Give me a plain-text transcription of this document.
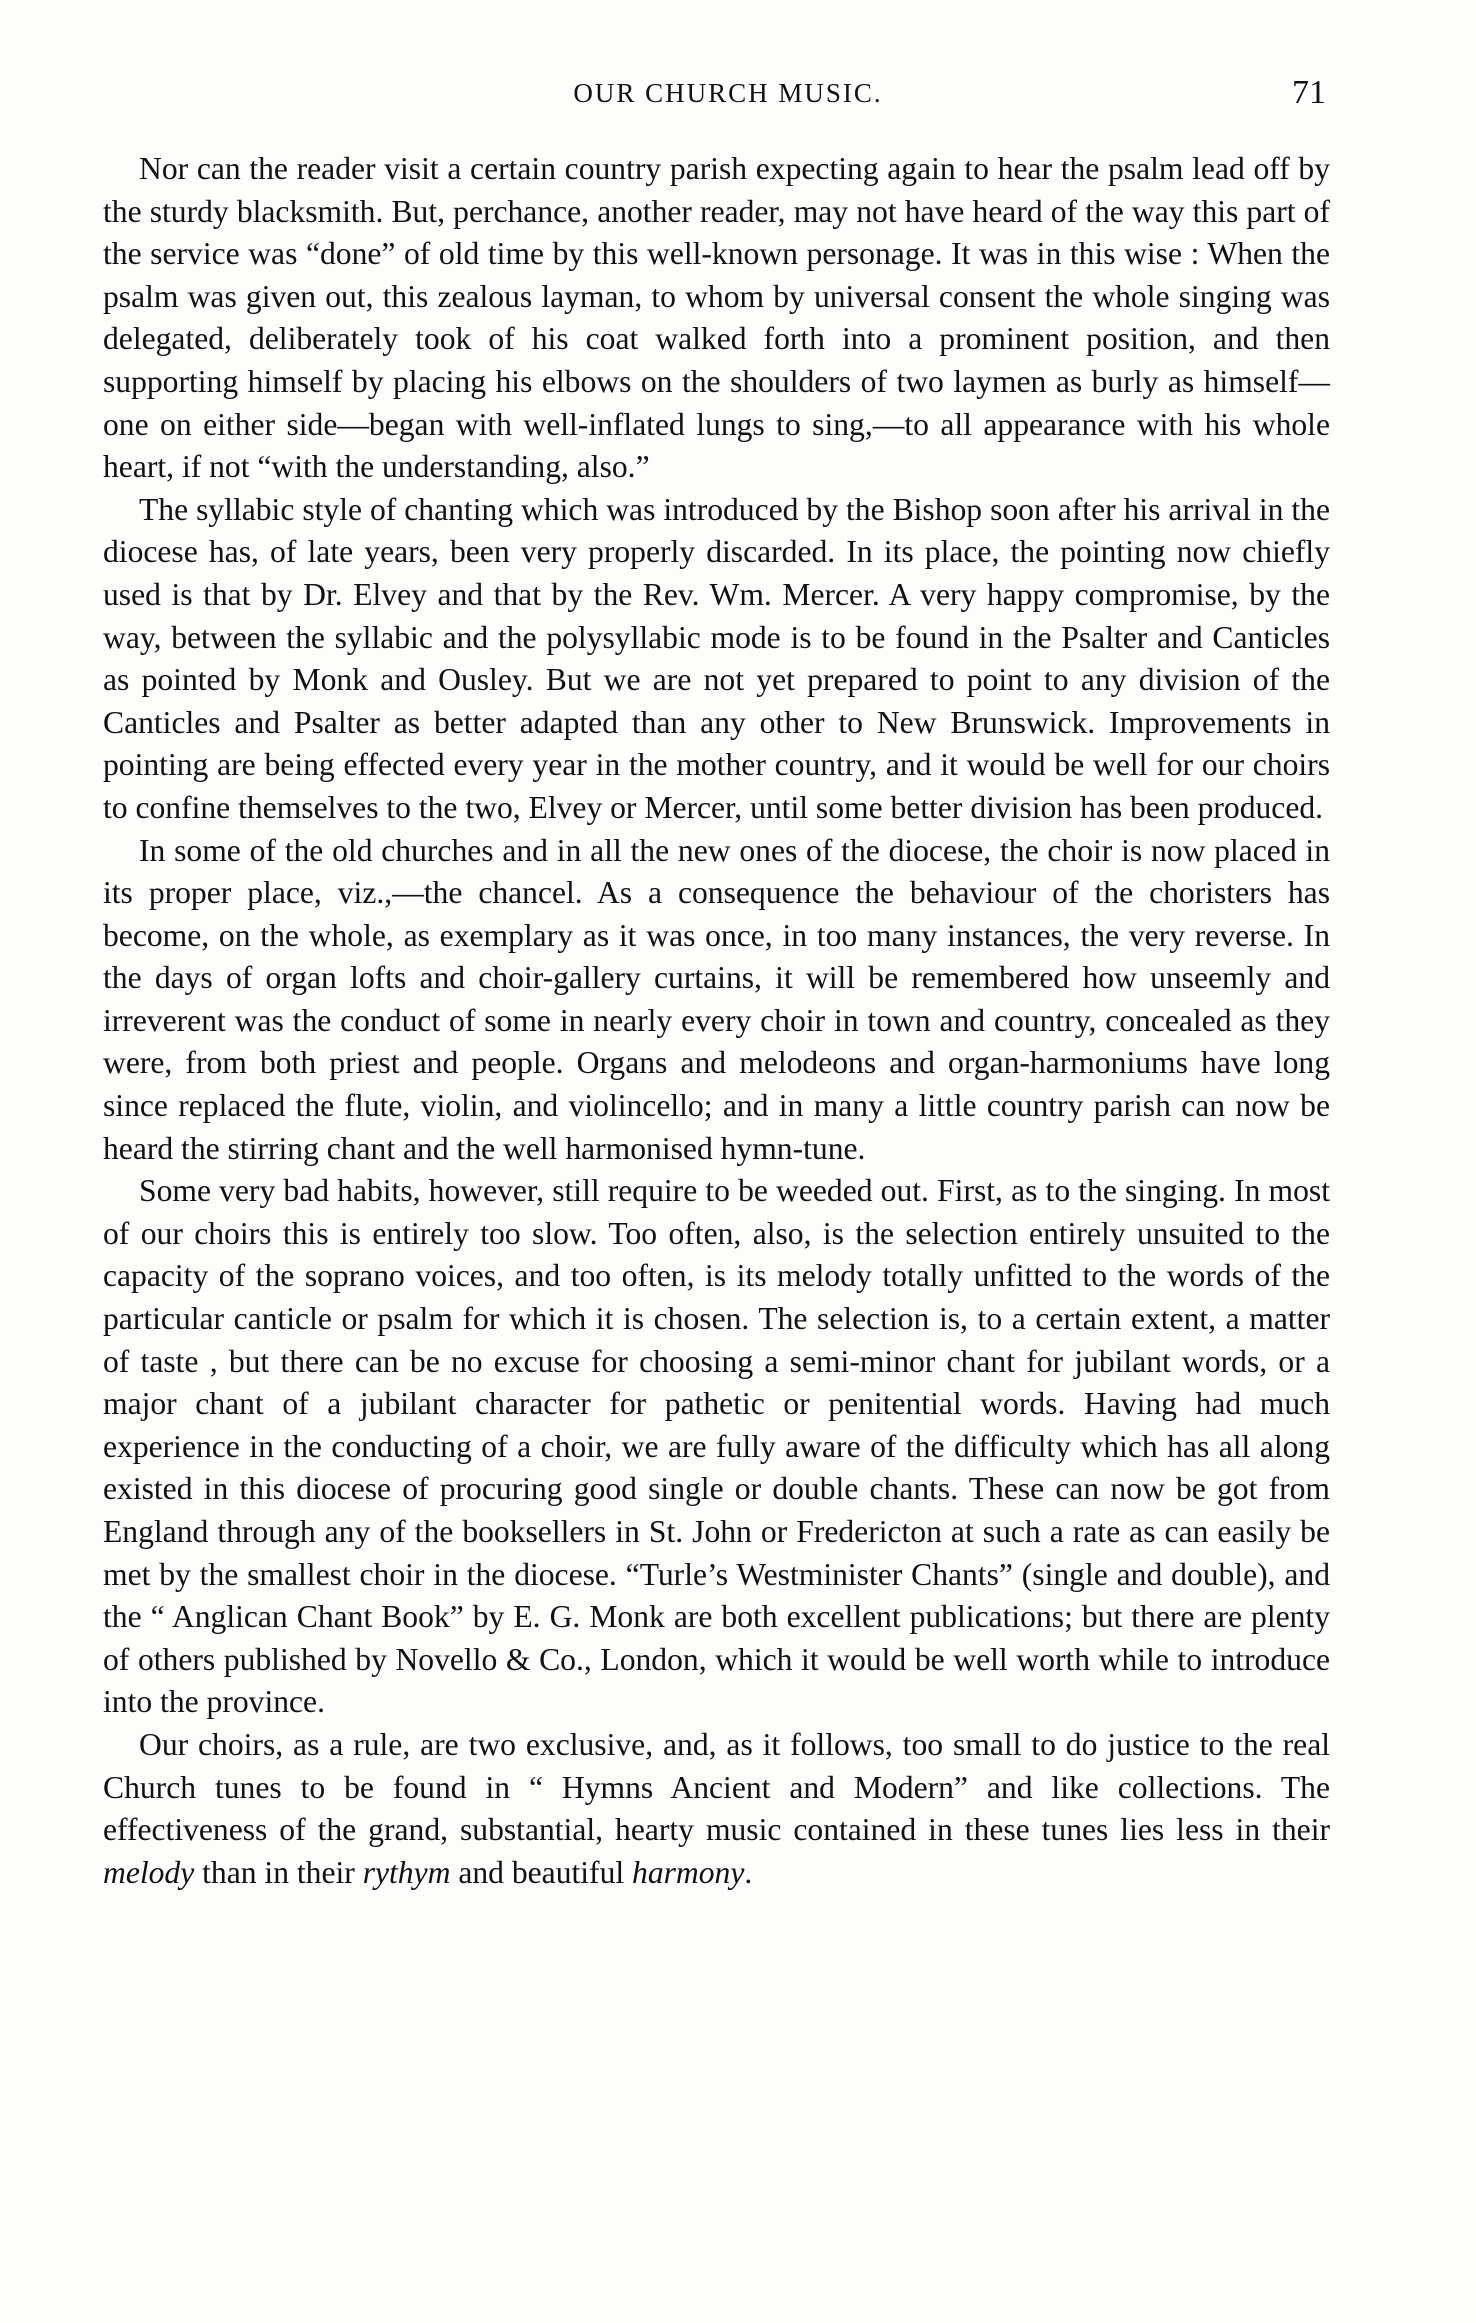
OUR CHURCH MUSIC.	71

Nor can the reader visit a certain country parish expecting again to hear the psalm lead off by the sturdy blacksmith. But, perchance, another reader, may not have heard of the way this part of the service was “done” of old time by this well-known personage. It was in this wise : When the psalm was given out, this zealous layman, to whom by universal consent the whole singing was delegated, deliberately took of his coat walked forth into a prominent position, and then supporting himself by placing his elbows on the shoulders of two laymen as burly as himself—one on either side—began with well-inflated lungs to sing,—to all appearance with his whole heart, if not “with the understanding, also.”

The syllabic style of chanting which was introduced by the Bishop soon after his arrival in the diocese has, of late years, been very properly discarded. In its place, the pointing now chiefly used is that by Dr. Elvey and that by the Rev. Wm. Mercer. A very happy compromise, by the way, between the syllabic and the polysyllabic mode is to be found in the Psalter and Canticles as pointed by Monk and Ousley. But we are not yet prepared to point to any division of the Canticles and Psalter as better adapted than any other to New Brunswick. Improvements in pointing are being effected every year in the mother country, and it would be well for our choirs to confine themselves to the two, Elvey or Mercer, until some better division has been produced.

In some of the old churches and in all the new ones of the diocese, the choir is now placed in its proper place, viz.,—the chancel. As a consequence the behaviour of the choristers has become, on the whole, as exemplary as it was once, in too many instances, the very reverse. In the days of organ lofts and choir-gallery curtains, it will be remembered how unseemly and irreverent was the conduct of some in nearly every choir in town and country, concealed as they were, from both priest and people. Organs and melodeons and organ-harmoniums have long since replaced the flute, violin, and violincello; and in many a little country parish can now be heard the stirring chant and the well harmonised hymn-tune.

Some very bad habits, however, still require to be weeded out. First, as to the singing. In most of our choirs this is entirely too slow. Too often, also, is the selection entirely unsuited to the capacity of the soprano voices, and too often, is its melody totally unfitted to the words of the particular canticle or psalm for which it is chosen. The selection is, to a certain extent, a matter of taste , but there can be no excuse for choosing a semi-minor chant for jubilant words, or a major chant of a jubilant character for pathetic or penitential words. Having had much experience in the conducting of a choir, we are fully aware of the difficulty which has all along existed in this diocese of procuring good single or double chants. These can now be got from England through any of the booksellers in St. John or Fredericton at such a rate as can easily be met by the smallest choir in the diocese. “Turle’s Westminister Chants” (single and double), and the “ Anglican Chant Book” by E. G. Monk are both excellent publications; but there are plenty of others published by Novello & Co., London, which it would be well worth while to introduce into the province.

Our choirs, as a rule, are two exclusive, and, as it follows, too small to do justice to the real Church tunes to be found in “ Hymns Ancient and Modern” and like collections. The effectiveness of the grand, substantial, hearty music contained in these tunes lies less in their melody than in their rythym and beautiful harmony.
